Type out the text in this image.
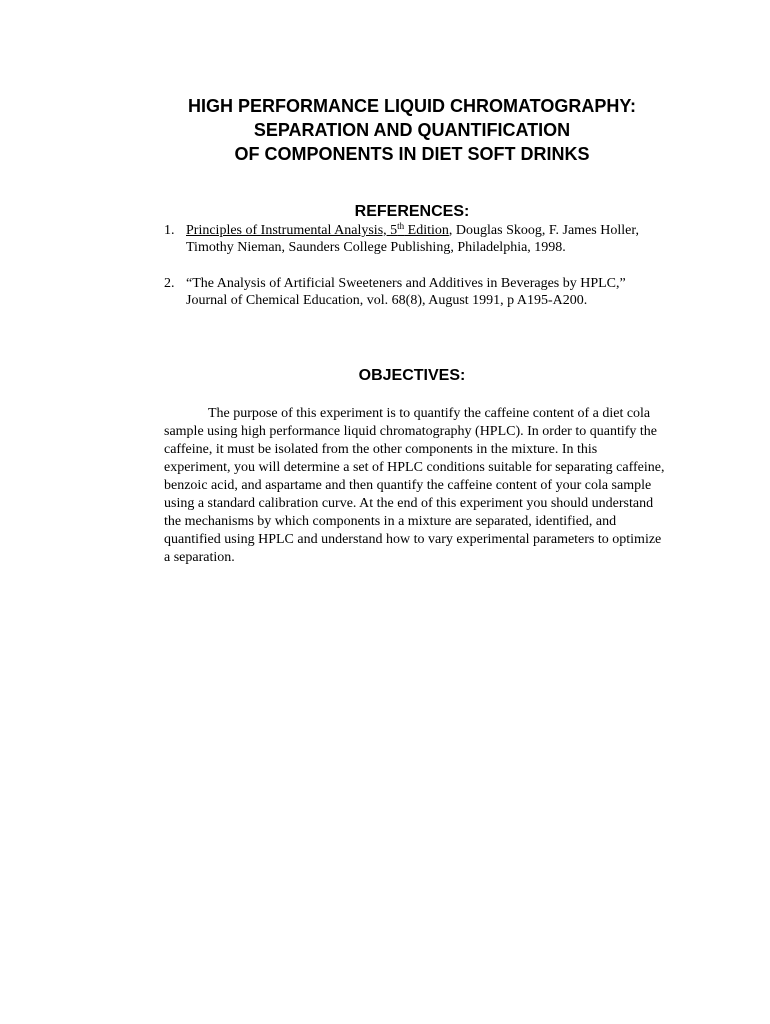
HIGH PERFORMANCE LIQUID CHROMATOGRAPHY:
SEPARATION AND QUANTIFICATION
OF COMPONENTS IN DIET SOFT DRINKS
REFERENCES:
1. Principles of Instrumental Analysis, 5th Edition, Douglas Skoog, F. James Holler,
Timothy Nieman, Saunders College Publishing, Philadelphia, 1998.
2. “The Analysis of Artificial Sweeteners and Additives in Beverages by HPLC,”
Journal of Chemical Education, vol. 68(8), August 1991, p A195-A200.
OBJECTIVES:
The purpose of this experiment is to quantify the caffeine content of a diet cola
sample using high performance liquid chromatography (HPLC). In order to quantify the
caffeine, it must be isolated from the other components in the mixture. In this
experiment, you will determine a set of HPLC conditions suitable for separating caffeine,
benzoic acid, and aspartame and then quantify the caffeine content of your cola sample
using a standard calibration curve. At the end of this experiment you should understand
the mechanisms by which components in a mixture are separated, identified, and
quantified using HPLC and understand how to vary experimental parameters to optimize
a separation.
